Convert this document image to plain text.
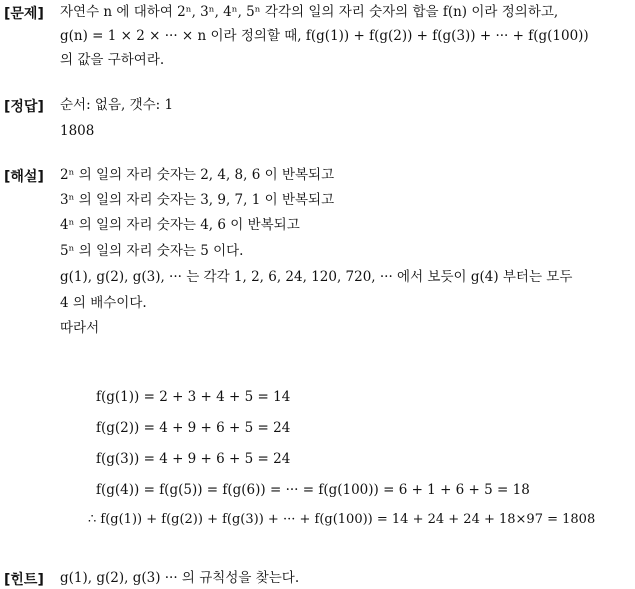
[문제] 자연수 n 에 대하여 2ⁿ, 3ⁿ, 4ⁿ, 5ⁿ 각각의 일의 자리 숫자의 합을 f(n) 이라 정의하고,
g(n) = 1 × 2 × ··· × n 이라 정의할 때, f(g(1)) + f(g(2)) + f(g(3)) + ··· + f(g(100))
의 값을 구하여라.
[정답] 순서: 없음, 갯수: 1
1808
[해설] 2ⁿ 의 일의 자리 숫자는 2, 4, 8, 6 이 반복되고
3ⁿ 의 일의 자리 숫자는 3, 9, 7, 1 이 반복되고
4ⁿ 의 일의 자리 숫자는 4, 6 이 반복되고
5ⁿ 의 일의 자리 숫자는 5 이다.
g(1), g(2), g(3), ··· 는 각각 1, 2, 6, 24, 120, 720, ··· 에서 보듯이 g(4) 부터는 모두
4 의 배수이다.
따라서
f(g(1)) = 2 + 3 + 4 + 5 = 14
f(g(2)) = 4 + 9 + 6 + 5 = 24
f(g(3)) = 4 + 9 + 6 + 5 = 24
f(g(4)) = f(g(5)) = f(g(6)) = ··· = f(g(100)) = 6 + 1 + 6 + 5 = 18
∴ f(g(1)) + f(g(2)) + f(g(3)) + ··· + f(g(100)) = 14 + 24 + 24 + 18×97 = 1808
[힌트] g(1), g(2), g(3) ··· 의 규칙성을 찾는다.
